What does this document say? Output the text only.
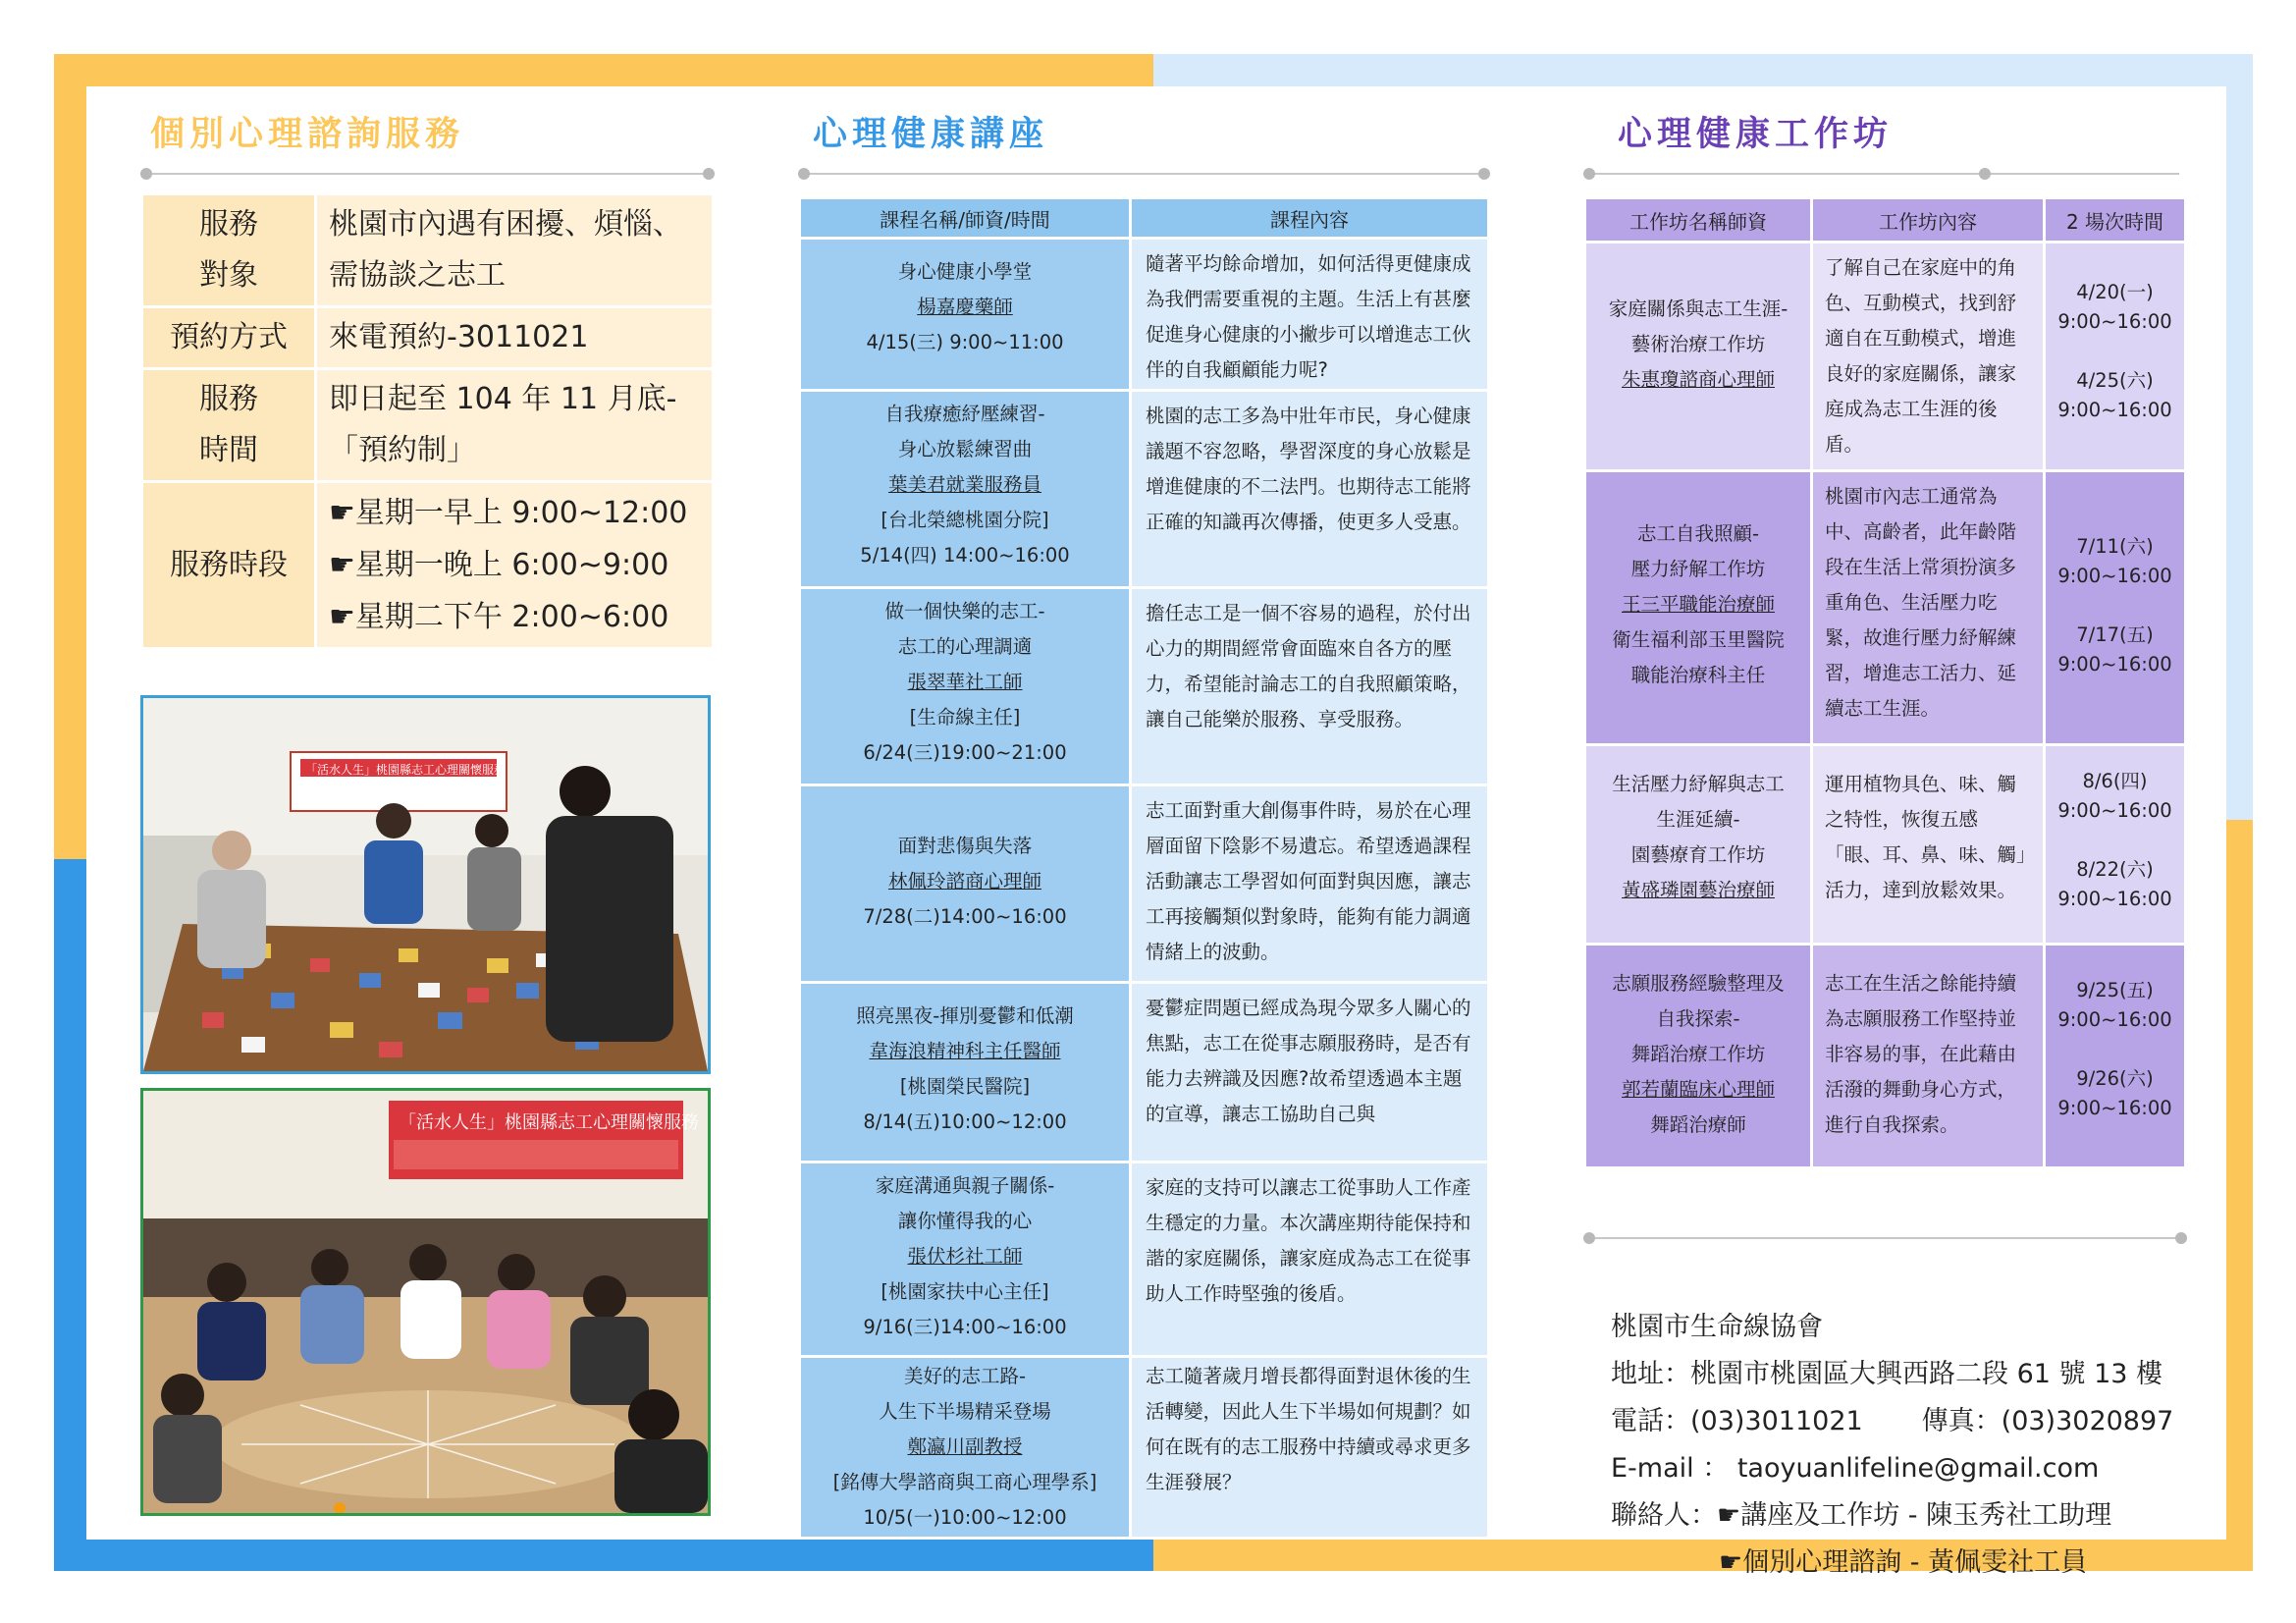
個別心理諮詢服務
服務
對象	桃園市內遇有困擾、煩惱、
需協談之志工
預約方式	來電預約-3011021
服務
時間	即日起至 104 年 11 月底-
「預約制」
服務時段	☛星期一早上 9:00~12:00
☛星期一晚上 6:00~9:00
☛星期二下午 2:00~6:00
「活水人生」桃園縣志工心理關懷服務
「活水人生」桃園縣志工心理關懷服務
心理健康講座
課程名稱/師資/時間	課程內容

身心健康小學堂
楊嘉慶藥師
4/15(三) 9:00~11:00	隨著平均餘命增加，如何活得更健康成為我們需要重視的主題。生活上有甚麼促進身心健康的小撇步可以增進志工伙伴的自我顧顧能力呢?

自我療癒紓壓練習-
身心放鬆練習曲
葉美君就業服務員
[台北榮總桃園分院]
5/14(四) 14:00~16:00	桃園的志工多為中壯年市民，身心健康議題不容忽略，學習深度的身心放鬆是增進健康的不二法門。也期待志工能將正確的知識再次傳播，使更多人受惠。

做一個快樂的志工-
志工的心理調適
張翠華社工師
[生命線主任]
6/24(三)19:00~21:00	擔任志工是一個不容易的過程，於付出心力的期間經常會面臨來自各方的壓力，希望能討論志工的自我照顧策略，讓自己能樂於服務、享受服務。

面對悲傷與失落
林佩玲諮商心理師
7/28(二)14:00~16:00	志工面對重大創傷事件時，易於在心理層面留下陰影不易遺忘。希望透過課程活動讓志工學習如何面對與因應，讓志工再接觸類似對象時，能夠有能力調適情緒上的波動。

照亮黑夜-揮別憂鬱和低潮
韋海浪精神科主任醫師
[桃園榮民醫院]
8/14(五)10:00~12:00	憂鬱症問題已經成為現今眾多人關心的焦點，志工在從事志願服務時，是否有能力去辨識及因應?故希望透過本主題的宣導，讓志工協助自己與

家庭溝通與親子關係-
讓你懂得我的心
張伏杉社工師
[桃園家扶中心主任]
9/16(三)14:00~16:00	家庭的支持可以讓志工從事助人工作產生穩定的力量。本次講座期待能保持和諧的家庭關係，讓家庭成為志工在從事助人工作時堅強的後盾。

美好的志工路-
人生下半場精采登場
鄭瀛川副教授
[銘傳大學諮商與工商心理學系]
10/5(一)10:00~12:00	志工隨著歲月增長都得面對退休後的生活轉變，因此人生下半場如何規劃？如何在既有的志工服務中持續或尋求更多生涯發展？
心理健康工作坊
工作坊名稱師資	工作坊內容	2 場次時間

家庭關係與志工生涯-
藝術治療工作坊
朱惠瓊諮商心理師	了解自己在家庭中的角色、互動模式，找到舒適自在互動模式，增進良好的家庭關係，讓家庭成為志工生涯的後盾。	4/20(一)
9:00~16:00

4/25(六)
9:00~16:00

志工自我照顧-
壓力紓解工作坊
王三平職能治療師
衛生福利部玉里醫院
職能治療科主任	桃園市內志工通常為中、高齡者，此年齡階段在生活上常須扮演多重角色、生活壓力吃緊，故進行壓力紓解練習，增進志工活力、延續志工生涯。	7/11(六)
9:00~16:00

7/17(五)
9:00~16:00

生活壓力紓解與志工
生涯延續-
園藝療育工作坊
黃盛璘園藝治療師	運用植物具色、味、觸之特性，恢復五感「眼、耳、鼻、味、觸」活力，達到放鬆效果。	8/6(四)
9:00~16:00

8/22(六)
9:00~16:00

志願服務經驗整理及
自我探索-
舞蹈治療工作坊
郭若蘭臨床心理師
舞蹈治療師	志工在生活之餘能持續為志願服務工作堅持並非容易的事，在此藉由活潑的舞動身心方式，進行自我探索。	9/25(五)
9:00~16:00

9/26(六)
9:00~16:00

桃園市生命線協會

地址：桃園市桃園區大興西路二段 61 號 13 樓

電話：(03)3011021 傳真：(03)3020897

E-mail ： taoyuanlifeline@gmail.com

聯絡人：☛講座及工作坊 - 陳玉秀社工助理

☛個別心理諮詢 - 黃佩雯社工員
